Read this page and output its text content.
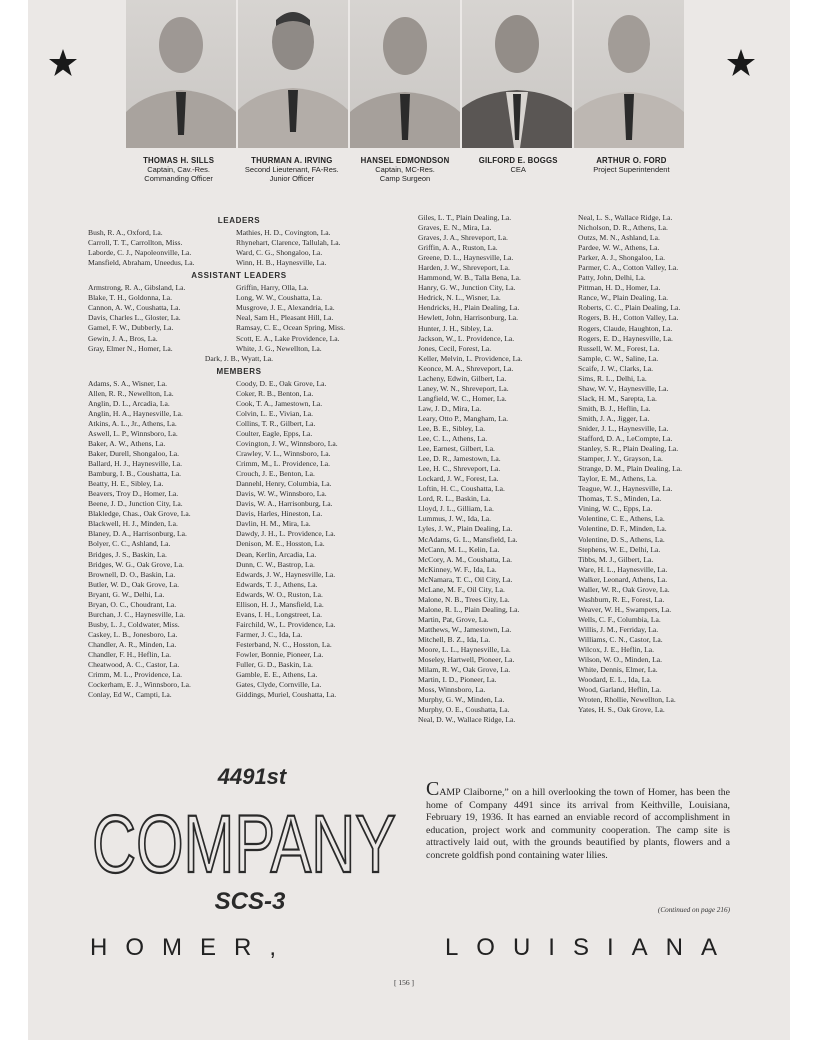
THOMAS H. SILLS
Captain, Cav.-Res.
Commanding Officer
THURMAN A. IRVING
Second Lieutenant, FA-Res.
Junior Officer
HANSEL EDMONDSON
Captain, MC-Res.
Camp Surgeon
GILFORD E. BOGGS
CEA
ARTHUR O. FORD
Project Superintendent
LEADERS
Bush, R. A., Oxford, La.	Mathies, H. D., Covington, La.
Carroll, T. T., Carrollton, Miss.	Rhynehart, Clarence, Tallulah, La.
Laborde, C. J., Napoleonville, La.	Ward, C. G., Shongaloo, La.
Mansfield, Abraham, Uneedus, La.	Winn, H. B., Haynesville, La.
ASSISTANT LEADERS
Armstrong, R. A., Gibsland, La.	Griffin, Harry, Olla, La.
Blake, T. H., Goldonna, La.	Long, W. W., Coushatta, La.
Cannon, A. W., Coushatta, La.	Musgrove, J. E., Alexandria, La.
Davis, Charles L., Gloster, La.	Neal, Sam H., Pleasant Hill, La.
Gamel, F. W., Dubberly, La.	Ramsay, C. E., Ocean Spring, Miss.
Gewin, J. A., Bros, La.	Scott, E. A., Lake Providence, La.
Gray, Elmer N., Homer, La.	White, J. G., Newellton, La.
Dark, J. B., Wyatt, La.
MEMBERS
Adams, S. A., Wisner, La.	Coody, D. E., Oak Grove, La.
Allen, R. R., Newellton, La.	Coker, R. B., Benton, La.
Anglin, D. L., Arcadia, La.	Cook, T. A., Jamestown, La.
Anglin, H. A., Haynesville, La.	Colvin, L. E., Vivian, La.
Atkins, A. L., Jr., Athens, La.	Collins, T. R., Gilbert, La.
Aswell, L. P., Winnsboro, La.	Coulter, Eagle, Epps, La.
Baker, A. W., Athens, La.	Covington, J. W., Winnsboro, La.
Baker, Durell, Shongaloo, La.	Crawley, V. L., Winnsboro, La.
Ballard, H. J., Haynesville, La.	Crimm, M., L. Providence, La.
Bamburg, I. B., Coushatta, La.	Crouch, J. E., Benton, La.
Beatty, H. E., Sibley, La.	Dannehl, Henry, Columbia, La.
Beavers, Troy D., Homer, La.	Davis, W. W., Winnsboro, La.
Beene, J. D., Junction City, La.	Davis, W. A., Harrisonburg, La.
Blakledge, Chas., Oak Grove, La.	Davis, Harles, Hineston, La.
Blackwell, H. J., Minden, La.	Davlin, H. M., Mira, La.
Blaney, D. A., Harrisonburg, La.	Dawdy, J. H., L. Providence, La.
Bolyer, C. C., Ashland, La.	Denison, M. E., Hosston, La.
Bridges, J. S., Baskin, La.	Dean, Kerlin, Arcadia, La.
Bridges, W. G., Oak Grove, La.	Dunn, C. W., Bastrop, La.
Brownell, D. O., Baskin, La.	Edwards, J. W., Haynesville, La.
Butler, W. D., Oak Grove, La.	Edwards, T. J., Athens, La.
Bryant, G. W., Delhi, La.	Edwards, W. O., Ruston, La.
Bryan, O. C., Choudrant, La.	Ellison, H. J., Mansfield, La.
Burchan, J. C., Haynesville, La.	Evans, I. H., Longstreet, La.
Busby, L. J., Coldwater, Miss.	Fairchild, W., L. Providence, La.
Caskey, L. B., Jonesboro, La.	Farmer, J. C., Ida, La.
Chandler, A. R., Minden, La.	Festerband, N. C., Hosston, La.
Chandler, F. H., Heflin, La.	Fowler, Bonnie, Pioneer, La.
Cheatwood, A. C., Castor, La.	Fuller, G. D., Baskin, La.
Crimm, M. L., Providence, La.	Gamble, E. E., Athens, La.
Cockerham, E. J., Winnsboro, La.	Gates, Clyde, Cornville, La.
Conlay, Ed W., Campti, La.	Giddings, Muriel, Coushatta, La.
Giles, L. T., Plain Dealing, La.	Neal, L. S., Wallace Ridge, La.
Graves, E. N., Mira, La.	Nicholson, D. R., Athens, La.
Graves, J. A., Shreveport, La.	Outzs, M. N., Ashland, La.
Griffin, A. A., Ruston, La.	Pardee, W. W., Athens, La.
Greene, D. L., Haynesville, La.	Parker, A. J., Shongaloo, La.
Harden, J. W., Shreveport, La.	Parmer, C. A., Cotton Valley, La.
Hammond, W. B., Talla Bena, La.	Patty, John, Delhi, La.
Hanry, G. W., Junction City, La.	Pittman, H. D., Homer, La.
Hedrick, N. L., Wisner, La.	Rance, W., Plain Dealing, La.
Hendricks, H., Plain Dealing, La.	Roberts, C. C., Plain Dealing, La.
Hewlett, John, Harrisonburg, La.	Rogers, B. H., Cotton Valley, La.
Hunter, J. H., Sibley, La.	Rogers, Claude, Haughton, La.
Jackson, W., L. Providence, La.	Rogers, E. D., Haynesville, La.
Jones, Cecil, Forest, La.	Russell, W. M., Forest, La.
Keller, Melvin, L. Providence, La.	Sample, C. W., Saline, La.
Keonce, M. A., Shreveport, La.	Scaife, J. W., Clarks, La.
Lacheny, Edwin, Gilbert, La.	Sims, R. L., Delhi, La.
Laney, W. N., Shreveport, La.	Shaw, W. V., Haynesville, La.
Langfield, W. C., Homer, La.	Slack, H. M., Sarepta, La.
Law, J. D., Mira, La.	Smith, B. J., Heflin, La.
Leary, Otto P., Mangham, La.	Smith, J. A., Jigger, La.
Lee, B. E., Sibley, La.	Snider, J. L., Haynesville, La.
Lee, C. L., Athens, La.	Stafford, D. A., LeCompte, La.
Lee, Earnest, Gilbert, La.	Stanley, S. R., Plain Dealing, La.
Lee, D. R., Jamestown, La.	Stamper, J. Y., Grayson, La.
Lee, H. C., Shreveport, La.	Strange, D. M., Plain Dealing, La.
Lockard, J. W., Forest, La.	Taylor, E. M., Athens, La.
Loftin, H. C., Coushatta, La.	Teague, W. J., Haynesville, La.
Lord, R. L., Baskin, La.	Thomas, T. S., Minden, La.
Lloyd, J. L., Gilliam, La.	Vining, W. C., Epps, La.
Lummus, J. W., Ida, La.	Volentine, C. E., Athens, La.
Lyles, J. W., Plain Dealing, La.	Volentine, D. F., Minden, La.
McAdams, G. L., Mansfield, La.	Volentine, D. S., Athens, La.
McCann, M. L., Kelin, La.	Stephens, W. E., Delhi, La.
McCory, A. M., Coushatta, La.	Tibbs, M. J., Gilbert, La.
McKinney, W. F., Ida, La.	Ware, H. L., Haynesville, La.
McNamara, T. C., Oil City, La.	Walker, Leonard, Athens, La.
McLane, M. F., Oil City, La.	Waller, W. R., Oak Grove, La.
Malone, N. B., Trees City, La.	Washburn, R. E., Forest, La.
Malone, R. L., Plain Dealing, La.	Weaver, W. H., Swampers, La.
Martin, Pat, Grove, La.	Wells, C. F., Columbia, La.
Matthews, W., Jamestown, La.	Willis, J. M., Ferriday, La.
Mitchell, B. Z., Ida, La.	Williams, C. N., Castor, La.
Moore, L. L., Haynesville, La.	Wilcox, J. E., Heflin, La.
Moseley, Hartwell, Pioneer, La.	Wilson, W. O., Minden, La.
Milam, R. W., Oak Grove, La.	White, Dennis, Elmer, La.
Martin, I. D., Pioneer, La.	Woodard, E. L., Ida, La.
Moss, Winnsboro, La.	Wood, Garland, Heflin, La.
Murphy, G. W., Minden, La.	Wroten, Rhollie, Newellton, La.
Murphy, O. E., Coushatta, La.	Yates, H. S., Oak Grove, La.
Neal, D. W., Wallace Ridge, La.
4491st
COMPANY
SCS-3
CAMP Claiborne,” on a hill overlooking the town of Homer, has been the home of Company 4491 since its arrival from Keithville, Louisiana, February 19, 1936. It has earned an enviable record of accomplishment in education, project work and community cooperation. The camp site is attractively laid out, with the grounds beautified by plants, flowers and a concrete goldfish pond containing water lilies.
(Continued on page 216)
HOMER,	LOUISIANA
[ 156 ]
